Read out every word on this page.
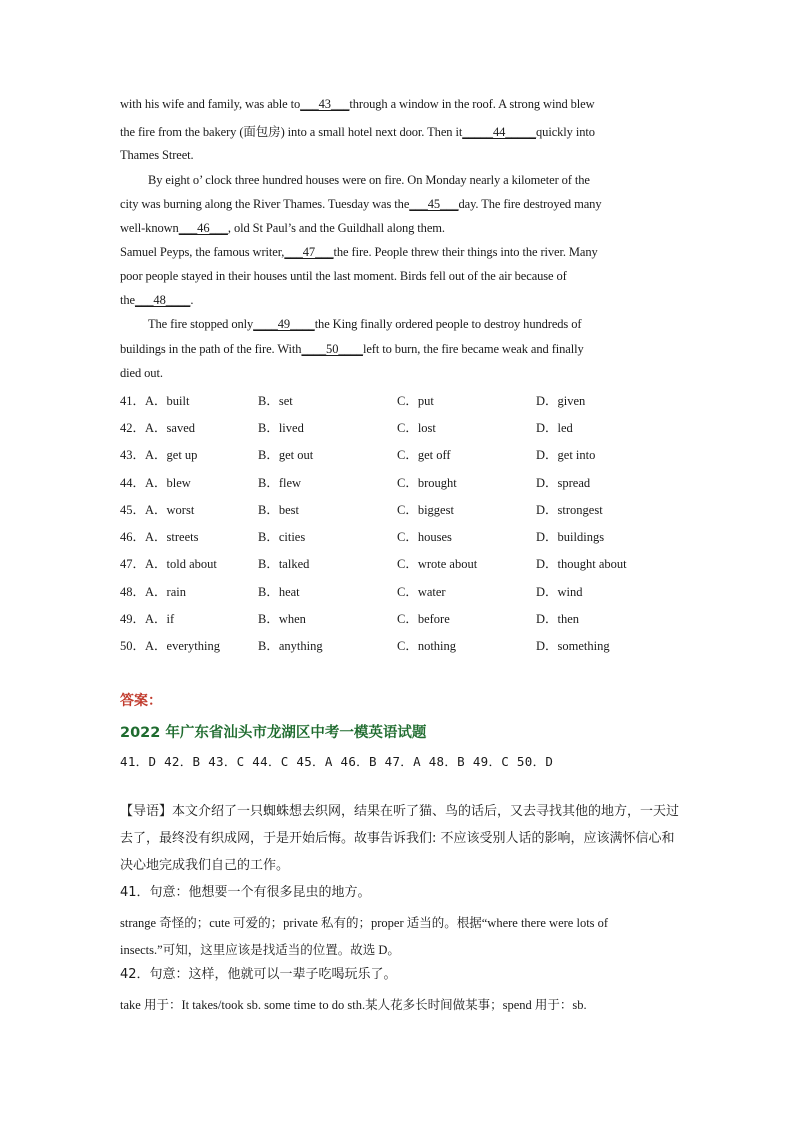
with his wife and family, was able to___43___through a window in the roof. A strong wind blew
the fire from the bakery (面包房) into a small hotel next door. Then it_____44_____quickly into
Thames Street.
By eight o’ clock three hundred houses were on fire. On Monday nearly a kilometer of the
city was burning along the River Thames. Tuesday was the___45___day. The fire destroyed many
well-known___46___, old St Paul’s and the Guildhall along them.
Samuel Peyps, the famous writer,___47___the fire. People threw their things into the river. Many
poor people stayed in their houses until the last moment. Birds fell out of the air because of
the___48____.
The fire stopped only____49____the King finally ordered people to destroy hundreds of
buildings in the path of the fire. With____50____left to burn, the fire became weak and finally
died out.
41．A．built	B．set	C．put	D．given
42．A．saved	B．lived	C．lost	D．led
43．A．get up	B．get out	C．get off	D．get into
44．A．blew	B．flew	C．brought	D．spread
45．A．worst	B．best	C．biggest	D．strongest
46．A．streets	B．cities	C．houses	D．buildings
47．A．told about	B．talked	C．wrote about	D．thought about
48．A．rain	B．heat	C．water	D．wind
49．A．if	B．when	C．before	D．then
50．A．everything	B．anything	C．nothing	D．something
答案：
2022 年广东省汕头市龙湖区中考一模英语试题
41．D 42．B 43．C 44．C 45．A 46．B 47．A 48．B 49．C 50．D
【导语】本文介绍了一只蜘蛛想去织网，结果在听了猫、鸟的话后，又去寻找其他的地方，一天过去了，最终没有织成网，于是开始后悔。故事告诉我们: 不应该受别人话的影响，应该满怀信心和决心地完成我们自己的工作。
41．句意：他想要一个有很多昆虫的地方。
strange 奇怪的；cute 可爱的；private 私有的；proper 适当的。根据“where there were lots of
insects.”可知，这里应该是找适当的位置。故选 D。
42．句意：这样，他就可以一辈子吃喝玩乐了。
take 用于：It takes/took sb. some time to do sth.某人花多长时间做某事；spend 用于：sb.
